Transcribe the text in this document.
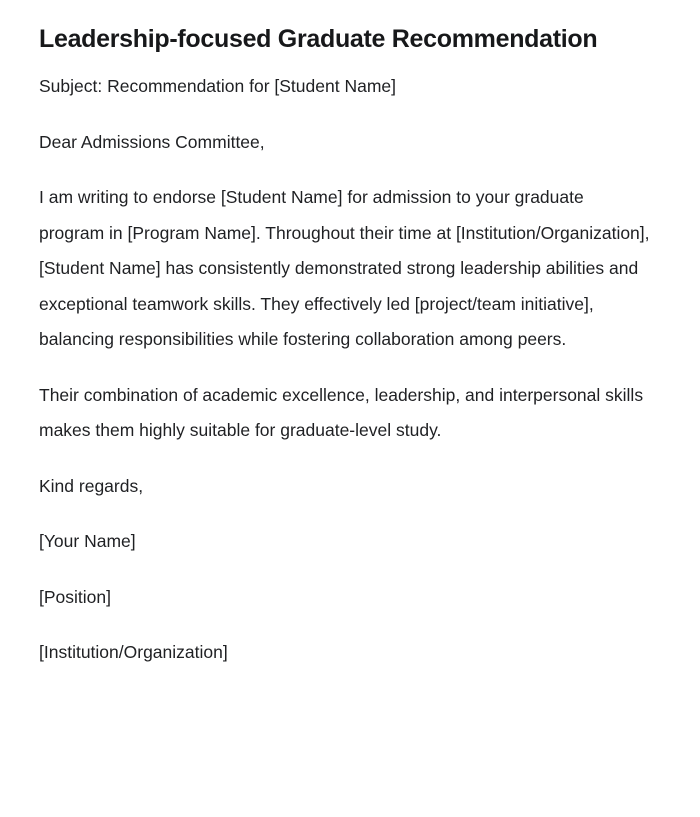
Leadership-focused Graduate Recommendation

Subject: Recommendation for [Student Name]

Dear Admissions Committee,

I am writing to endorse [Student Name] for admission to your graduate program in [Program Name]. Throughout their time at [Institution/Organization], [Student Name] has consistently demonstrated strong leadership abilities and exceptional teamwork skills. They effectively led [project/team initiative], balancing responsibilities while fostering collaboration among peers.

Their combination of academic excellence, leadership, and interpersonal skills makes them highly suitable for graduate-level study.

Kind regards,

[Your Name]

[Position]

[Institution/Organization]
